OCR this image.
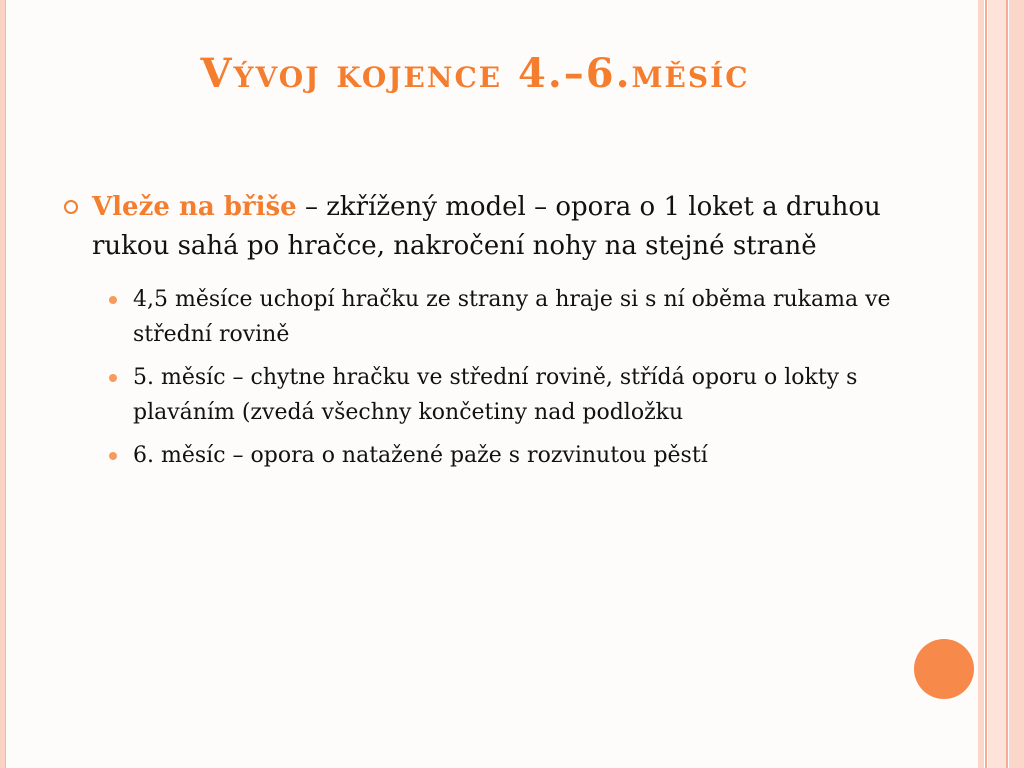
Vývoj kojence 4.–6.měsíc
Vleže na břiše – zkřížený model – opora o 1 loket a druhou rukou sahá po hračce, nakročení nohy na stejné straně
4,5 měsíce uchopí hračku ze strany a hraje si s ní oběma rukama ve střední rovině
5. měsíc – chytne hračku ve střední rovině, střídá oporu o lokty s plaváním (zvedá všechny končetiny nad podložku
6. měsíc – opora o natažené paže s rozvinutou pěstí
